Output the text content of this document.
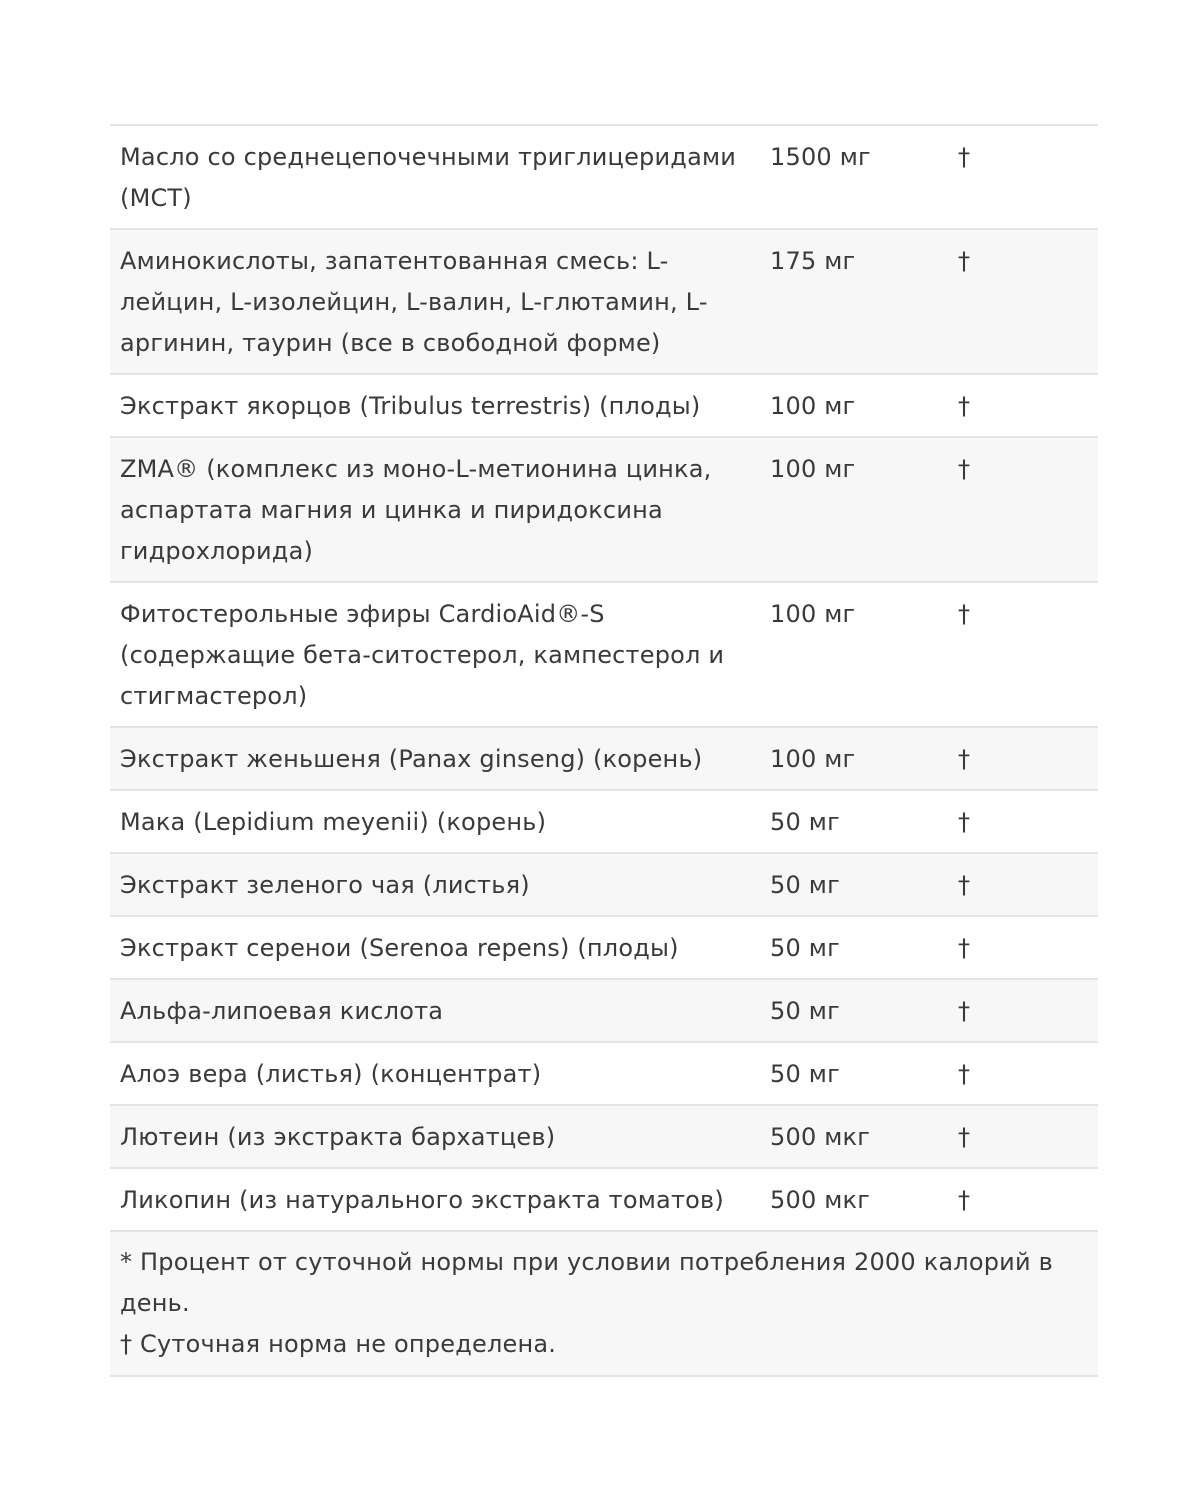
Масло со среднецепочечными триглицеридами (MCT)	1500 мг	†
Аминокислоты, запатентованная смесь: L-лейцин, L-изолейцин, L-валин, L-глютамин, L-аргинин, таурин (все в свободной форме)	175 мг	†
Экстракт якорцов (Tribulus terrestris) (плоды)	100 мг	†
ZMA® (комплекс из моно-L-метионина цинка, аспартата магния и цинка и пиридоксина гидрохлорида)	100 мг	†
Фитостерольные эфиры CardioAid®-S (содержащие бета-ситостерол, кампестерол и стигмастерол)	100 мг	†
Экстракт женьшеня (Panax ginseng) (корень)	100 мг	†
Мака (Lepidium meyenii) (корень)	50 мг	†
Экстракт зеленого чая (листья)	50 мг	†
Экстракт серенои (Serenoa repens) (плоды)	50 мг	†
Альфа-липоевая кислота	50 мг	†
Алоэ вера (листья) (концентрат)	50 мг	†
Лютеин (из экстракта бархатцев)	500 мкг	†
Ликопин (из натурального экстракта томатов)	500 мкг	†

* Процент от суточной нормы при условии потребления 2000 калорий в день.
† Суточная норма не определена.		
